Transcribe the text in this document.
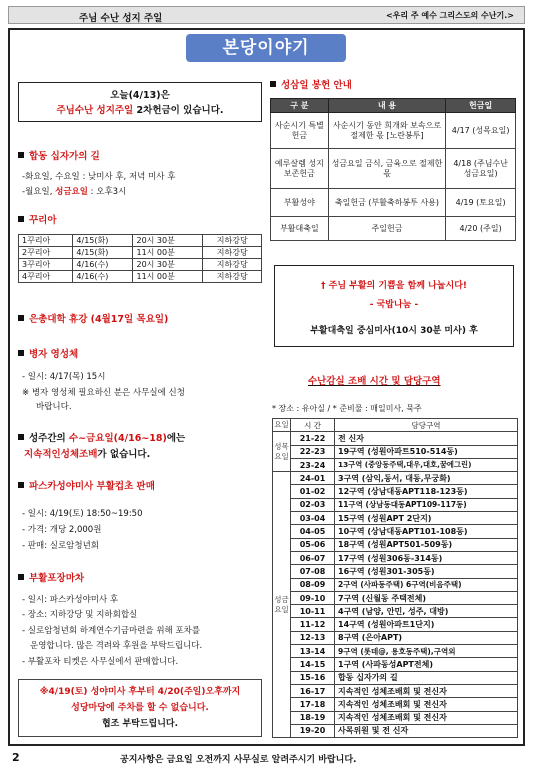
주님 수난 성지 주일	<우리 주 예수 그리스도의 수난기.>
본당이야기
오늘(4/13)은
주님수난 성지주일 2차헌금이 있습니다.
합동 십자가의 길
-화요일, 수요일 : 낮미사 후, 저녁 미사 후
-월요일, 성금요일 : 오후3시
꾸리아
1꾸리아	4/15(화)	20시 30분	지하강당
2꾸리아	4/15(화)	11시 00분	지하강당
3꾸리아	4/16(수)	20시 30분	지하강당
4꾸리아	4/16(수)	11시 00분	지하강당
은총대학 휴강 (4월17일 목요일)
병자 영성체
- 일시: 4/17(목) 15시
※ 병자 영성체 필요하신 분은 사무실에 신청
바랍니다.
성주간의 수~금요일(4/16~18)에는
지속적인성체조배가 없습니다.
파스카성야미사 부활컵초 판매
- 일시: 4/19(토) 18:50~19:50
- 가격: 개당 2,000원
- 판매: 실로암청년회
부활포장마차
- 일시: 파스카성야미사 후
- 장소: 지하강당 및 지하회합실
- 실로암청년회 하계연수기금마련을 위해 포차를
운영합니다. 많은 격려와 후원을 부탁드립니다.
- 부활포차 티켓은 사무실에서 판매합니다.
※4/19(토) 성야미사 후부터 4/20(주일)오후까지
성당마당에 주차를 할 수 없습니다.
협조 부탁드립니다.
성삼일 봉헌 안내
구 분	내 용	헌금일
사순시기 특별헌금	사순시기 동안 희개와 보속으로 절제한 몫 [노란봉투]	4/17 (성목요일)
예루살렘 성지보존헌금	성금요일 금식, 금육으로 절제한 몫	4/18 (주님수난 성금요일)
부활성야	축일헌금 (부활축하봉투 사용)	4/19 (토요일)
부활대축일	주일헌금	4/20 (주일)
† 주님 부활의 기쁨을 함께 나눕시다!
- 국밥나눔 -
부활대축일 중심미사(10시 30분 미사) 후
수난감실 조배 시간 및 담당구역
* 장소 : 유아실 / * 준비물 : 매일미사, 묵주
요일	시 간	담당구역
성목요일	21-22	전 신자
	22-23	19구역 (성원아파트510-514동)
	23-24	13구역 (중앙동주택,대우,대호,꿈에그린)
성금요일	24-01	3구역 (삼익,동서, 대동,무궁화)
	01-02	12구역 (상남대동APT118-123동)
	02-03	11구역 (상남동대동APT109-117동)
	03-04	15구역 (성원APT 2단지)
	04-05	10구역 (상남대동APT101-108동)
	05-06	18구역 (성원APT501-509동)
	06-07	17구역 (성원306동-314동)
	07-08	16구역 (성원301-305동)
	08-09	2구역 (사파동주택) 6구역(비음주택)
	09-10	7구역 (신월동 주택전체)
	10-11	4구역 (남양, 안민, 성주, 대방)
	11-12	14구역 (성원아파트1단지)
	12-13	8구역 (은아APT)
	13-14	9구역 (롯데@, 용호동주택),구역외
	14-15	1구역 (사파동성APT전체)
	15-16	합동 십자가의 길
	16-17	지속적인 성체조배회 및 전신자
	17-18	지속적인 성체조배회 및 전신자
	18-19	지속적인 성체조배회 및 전신자
	19-20	사목위원 및 전 신자
2	공지사항은 금요일 오전까지 사무실로 알려주시기 바랍니다.
